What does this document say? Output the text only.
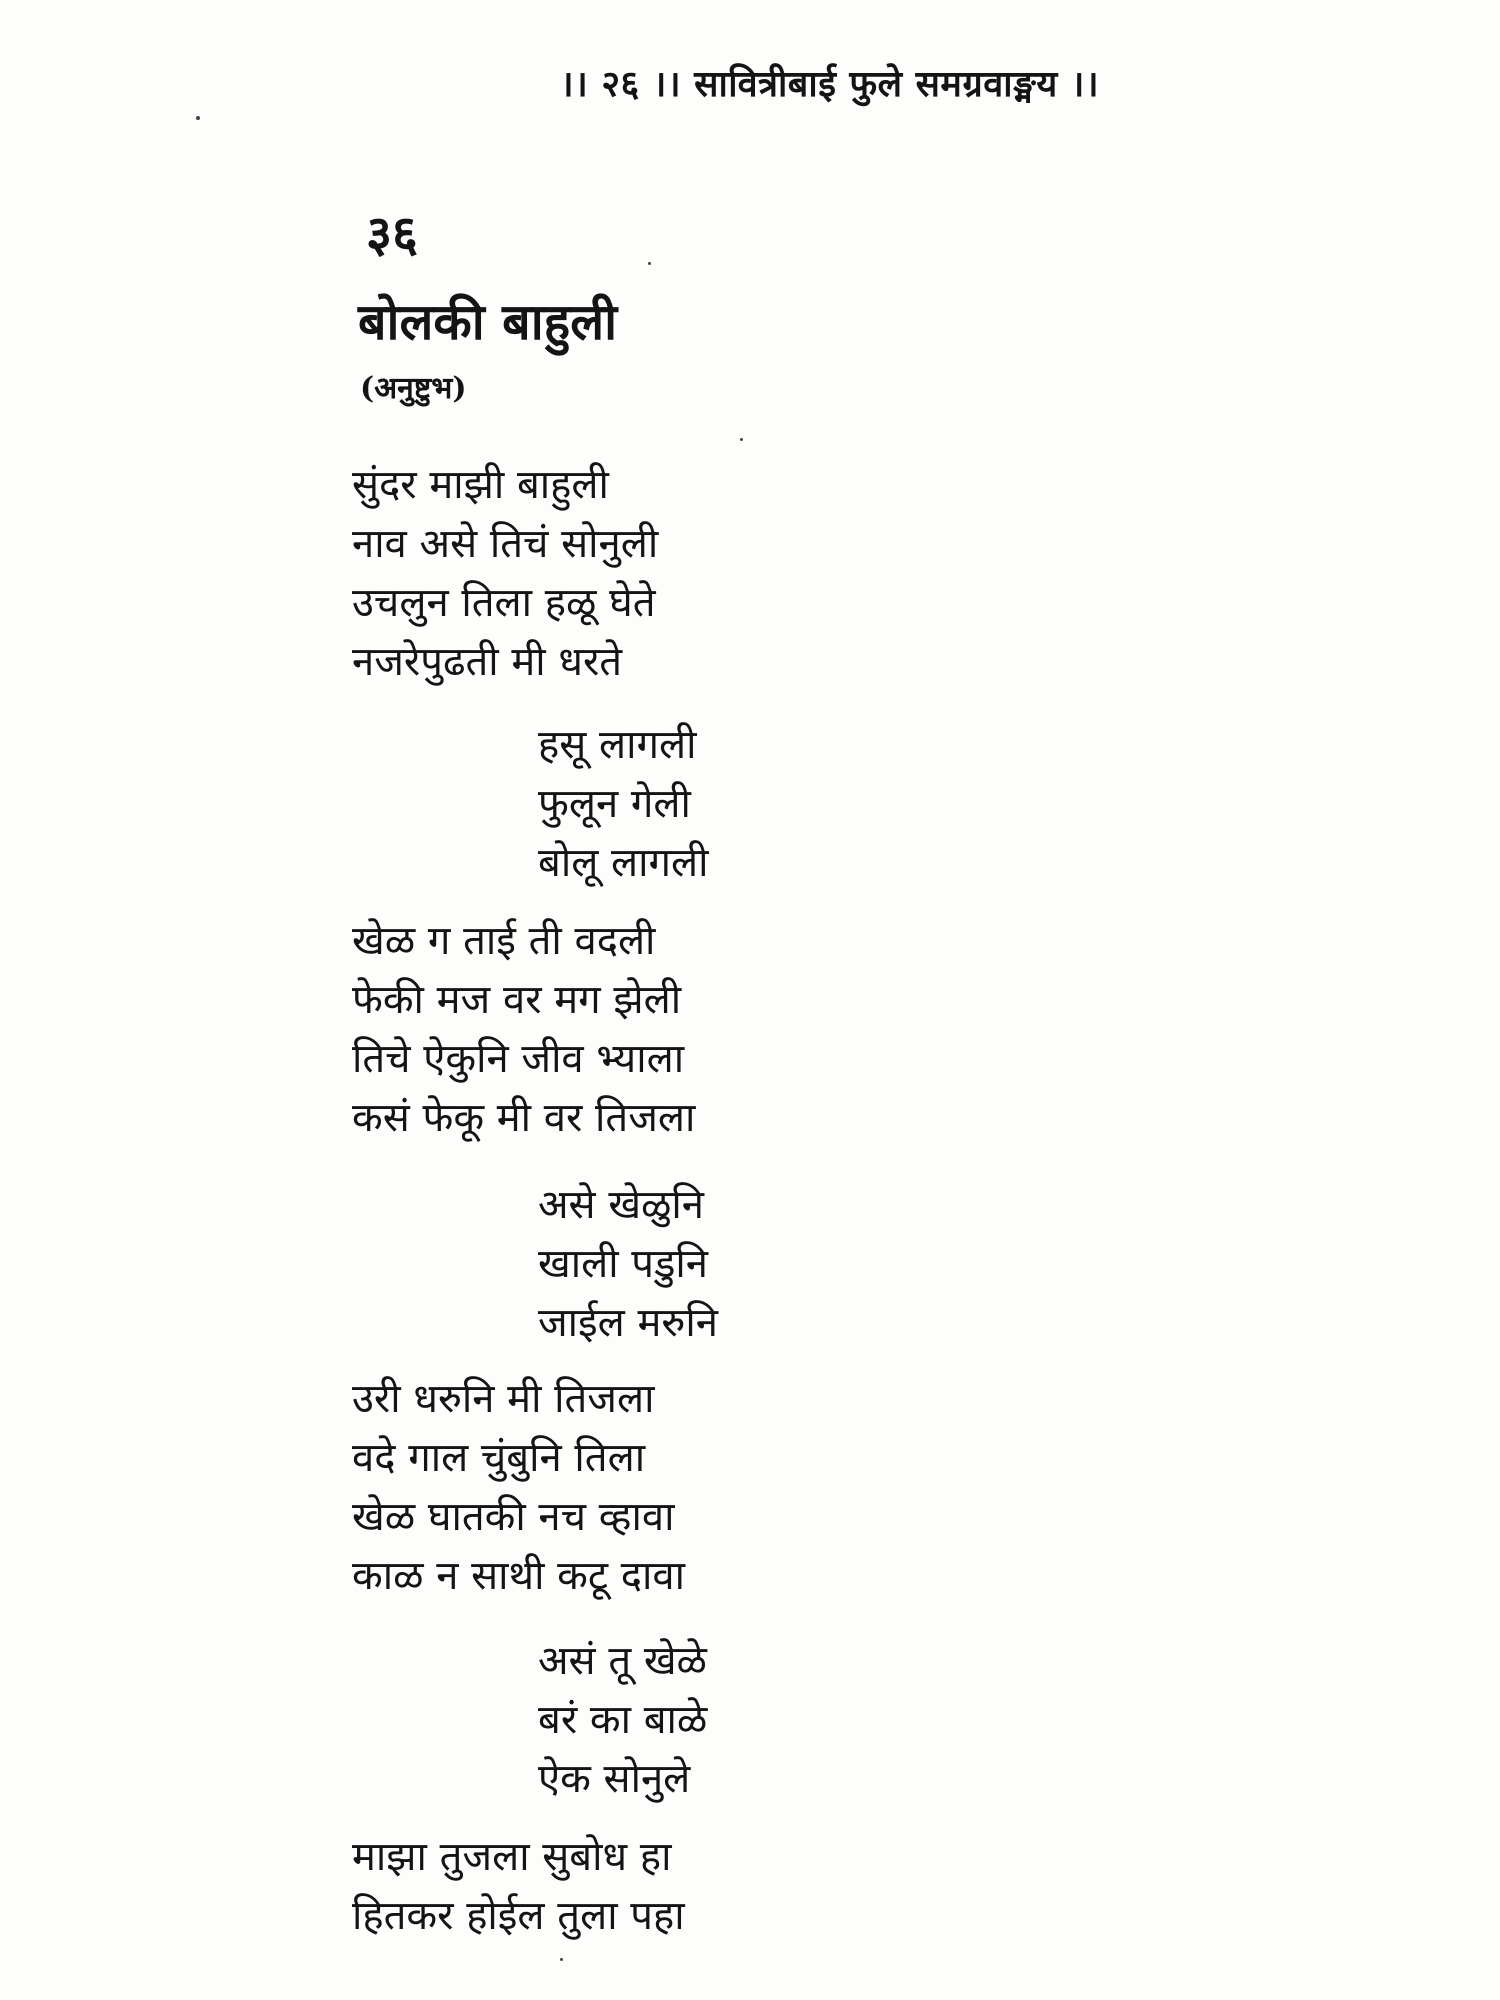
।। २६ ।। सावित्रीबाई फुले समग्रवाङ्मय ।।
३६
बोलकी बाहुली
(अनुष्टुभ)
सुंदर माझी बाहुली
नाव असे तिचं सोनुली
उचलुन तिला हळू घेते
नजरेपुढती मी धरते
हसू लागली
फुलून गेली
बोलू लागली
खेळ ग ताई ती वदली
फेकी मज वर मग झेली
तिचे ऐकुनि जीव भ्याला
कसं फेकू मी वर तिजला
असे खेळुनि
खाली पडुनि
जाईल मरुनि
उरी धरुनि मी तिजला
वदे गाल चुंबुनि तिला
खेळ घातकी नच व्हावा
काळ न साथी कटू दावा
असं तू खेळे
बरं का बाळे
ऐक सोनुले
माझा तुजला सुबोध हा
हितकर होईल तुला पहा
